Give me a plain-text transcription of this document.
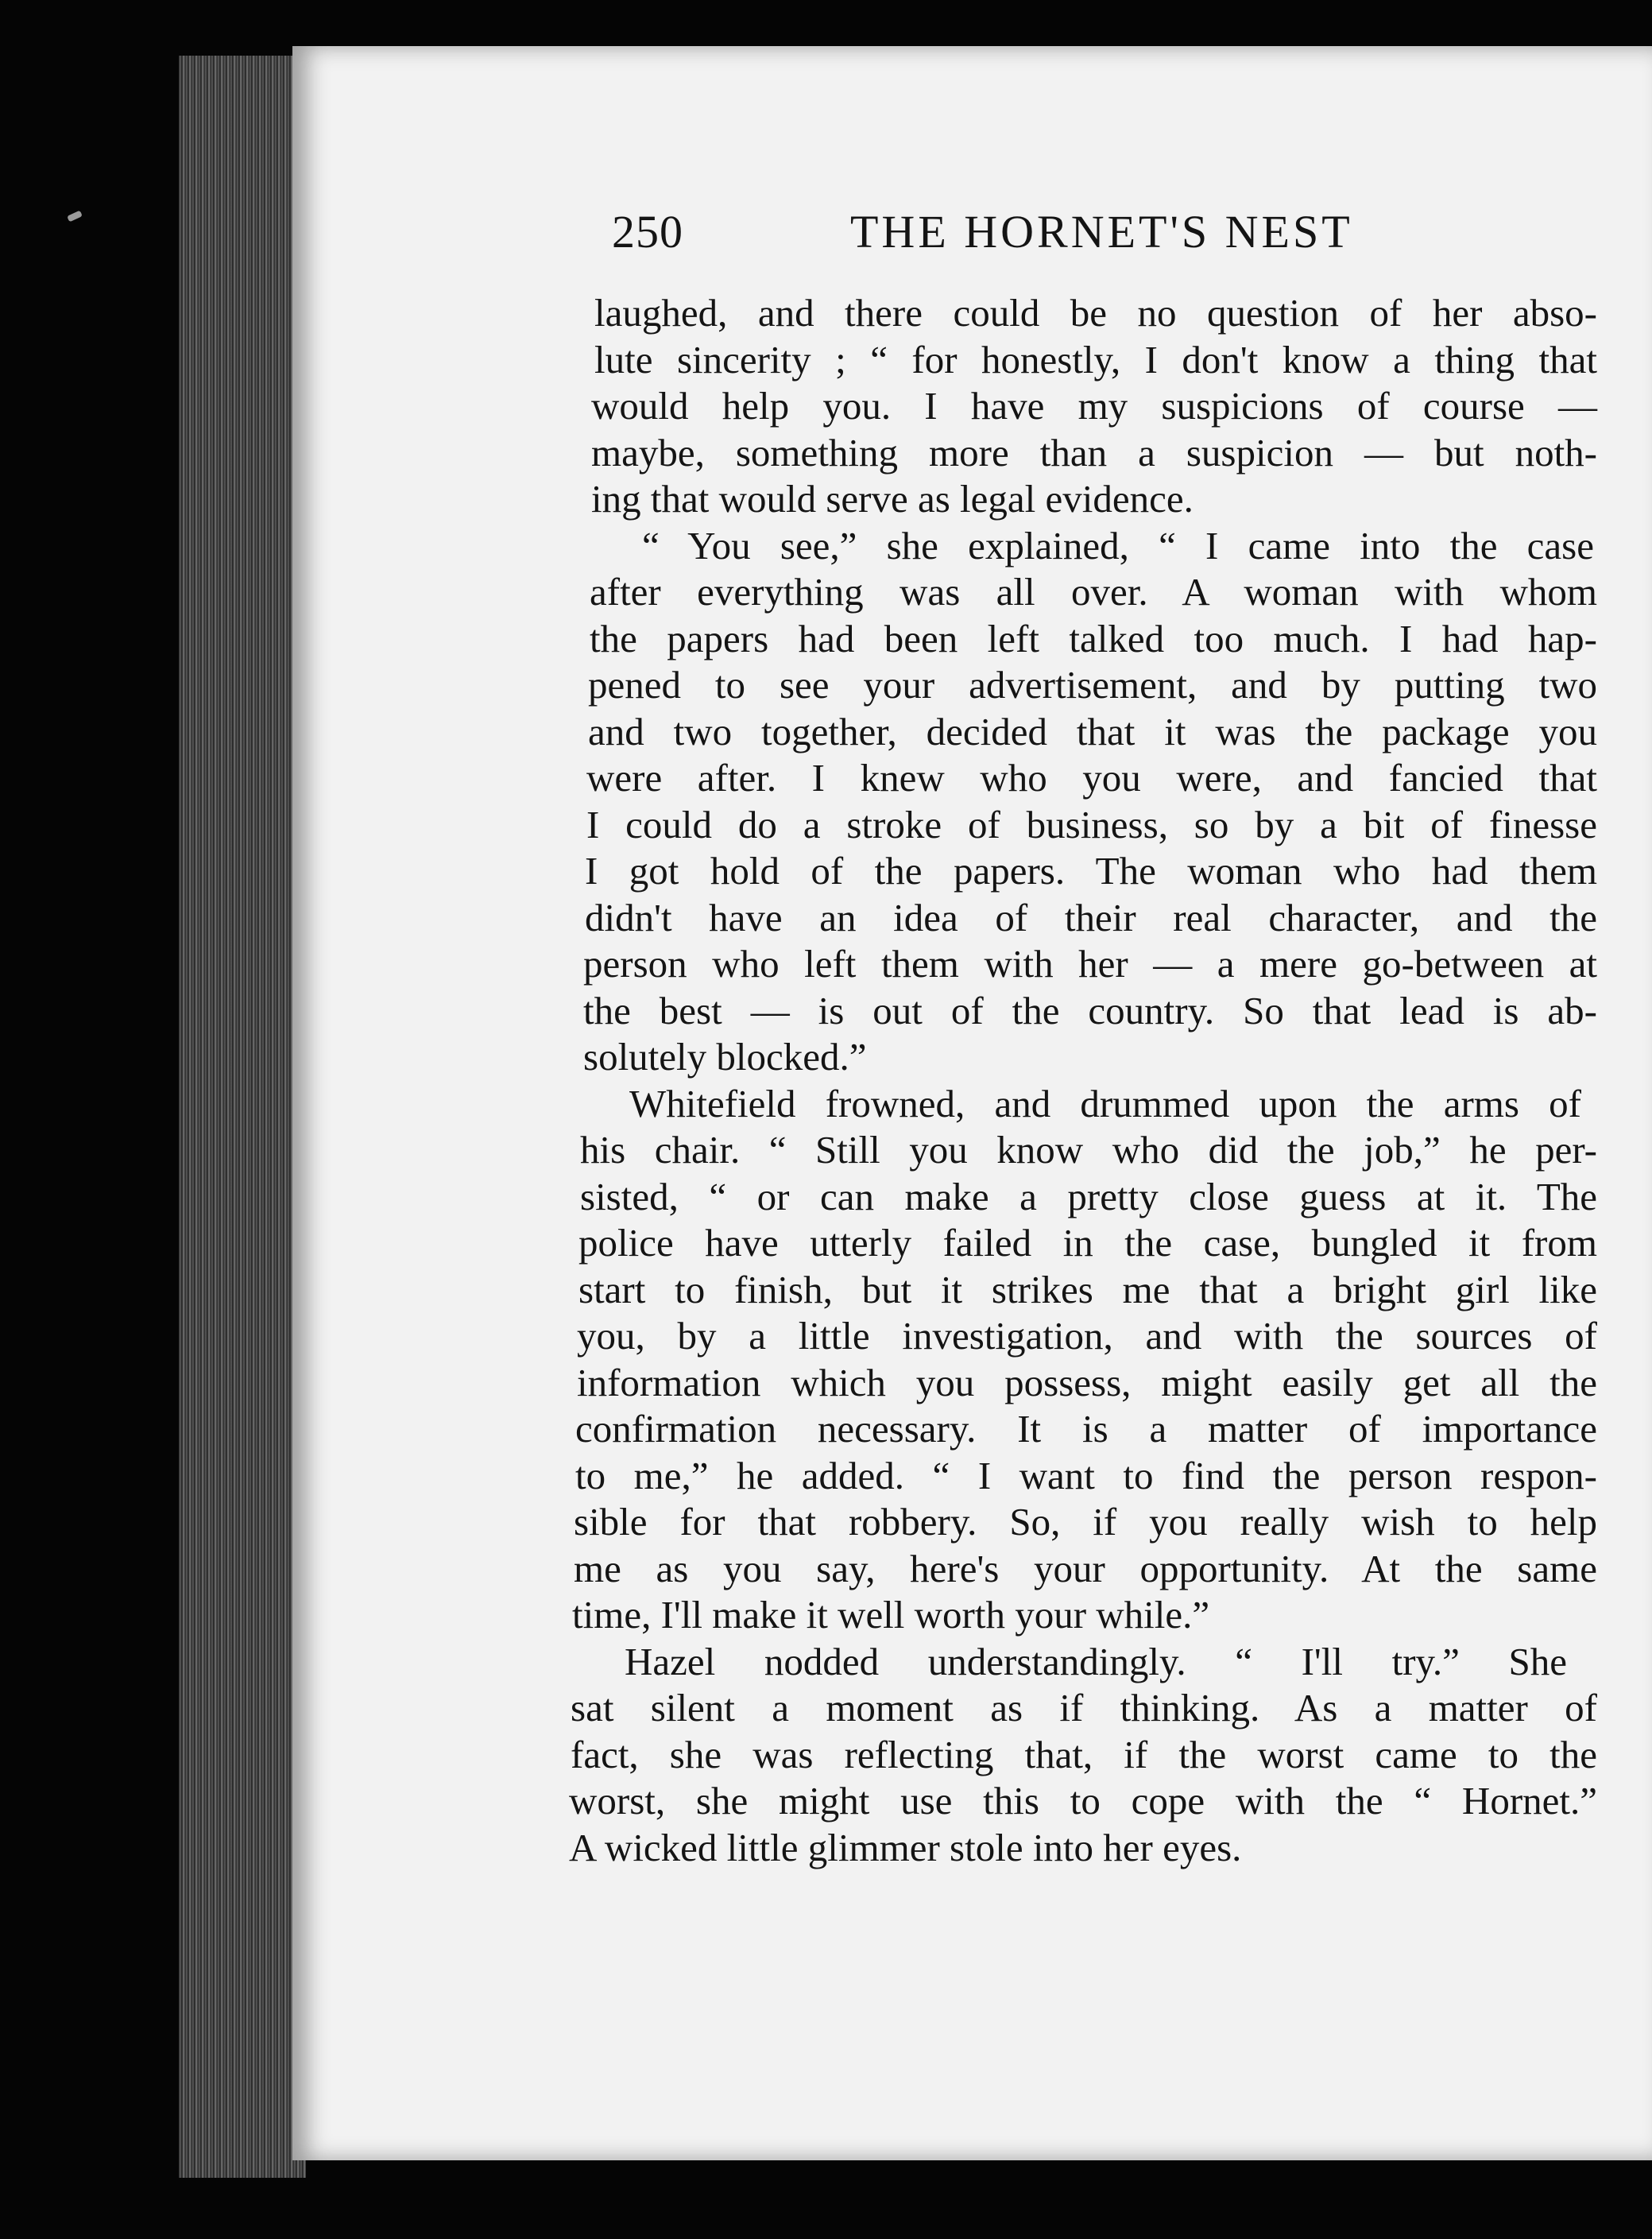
250	THE HORNET'S NEST
laughed, and there could be no question of her abso-
lute sincerity ; “ for honestly, I don't know a thing that
would help you. I have my suspicions of course —
maybe, something more than a suspicion — but noth-
ing that would serve as legal evidence.
“ You see,” she explained, “ I came into the case
after everything was all over. A woman with whom
the papers had been left talked too much. I had hap-
pened to see your advertisement, and by putting two
and two together, decided that it was the package you
were after. I knew who you were, and fancied that
I could do a stroke of business, so by a bit of finesse
I got hold of the papers. The woman who had them
didn't have an idea of their real character, and the
person who left them with her — a mere go-between at
the best — is out of the country. So that lead is ab-
solutely blocked.”
Whitefield frowned, and drummed upon the arms of
his chair. “ Still you know who did the job,” he per-
sisted, “ or can make a pretty close guess at it. The
police have utterly failed in the case, bungled it from
start to finish, but it strikes me that a bright girl like
you, by a little investigation, and with the sources of
information which you possess, might easily get all the
confirmation necessary. It is a matter of importance
to me,” he added. “ I want to find the person respon-
sible for that robbery. So, if you really wish to help
me as you say, here's your opportunity. At the same
time, I'll make it well worth your while.”
Hazel nodded understandingly. “ I'll try.” She
sat silent a moment as if thinking. As a matter of
fact, she was reflecting that, if the worst came to the
worst, she might use this to cope with the “ Hornet.”
A wicked little glimmer stole into her eyes.
